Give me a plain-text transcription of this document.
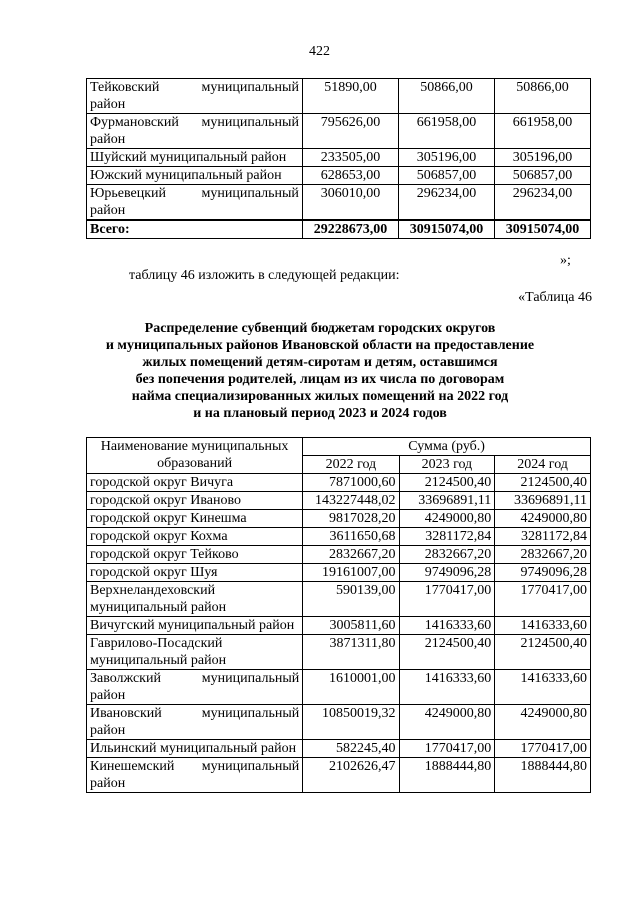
422
Тейковский муниципальный район	51890,00	50866,00	50866,00
Фурмановский муниципальный район	795626,00	661958,00	661958,00
Шуйский муниципальный район	233505,00	305196,00	305196,00
Южский муниципальный район	628653,00	506857,00	506857,00
Юрьевецкий муниципальный район	306010,00	296234,00	296234,00
Всего:	29228673,00	30915074,00	30915074,00
»;
таблицу 46 изложить в следующей редакции:
«Таблица 46
Распределение субвенций бюджетам городских округов
и муниципальных районов Ивановской области на предоставление
жилых помещений детям-сиротам и детям, оставшимся
без попечения родителей, лицам из их числа по договорам
найма специализированных жилых помещений на 2022 год
и на плановый период 2023 и 2024 годов
Наименование муниципальных образований	Сумма (руб.)		
	2022 год	2023 год	2024 год
городской округ Вичуга	7871000,60	2124500,40	2124500,40
городской округ Иваново	143227448,02	33696891,11	33696891,11
городской округ Кинешма	9817028,20	4249000,80	4249000,80
городской округ Кохма	3611650,68	3281172,84	3281172,84
городской округ Тейково	2832667,20	2832667,20	2832667,20
городской округ Шуя	19161007,00	9749096,28	9749096,28
Верхнеландеховский муниципальный район	590139,00	1770417,00	1770417,00
Вичугский муниципальный район	3005811,60	1416333,60	1416333,60
Гаврилово-Посадский муниципальный район	3871311,80	2124500,40	2124500,40
Заволжский муниципальный район	1610001,00	1416333,60	1416333,60
Ивановский муниципальный район	10850019,32	4249000,80	4249000,80
Ильинский муниципальный район	582245,40	1770417,00	1770417,00
Кинешемский муниципальный район	2102626,47	1888444,80	1888444,80
